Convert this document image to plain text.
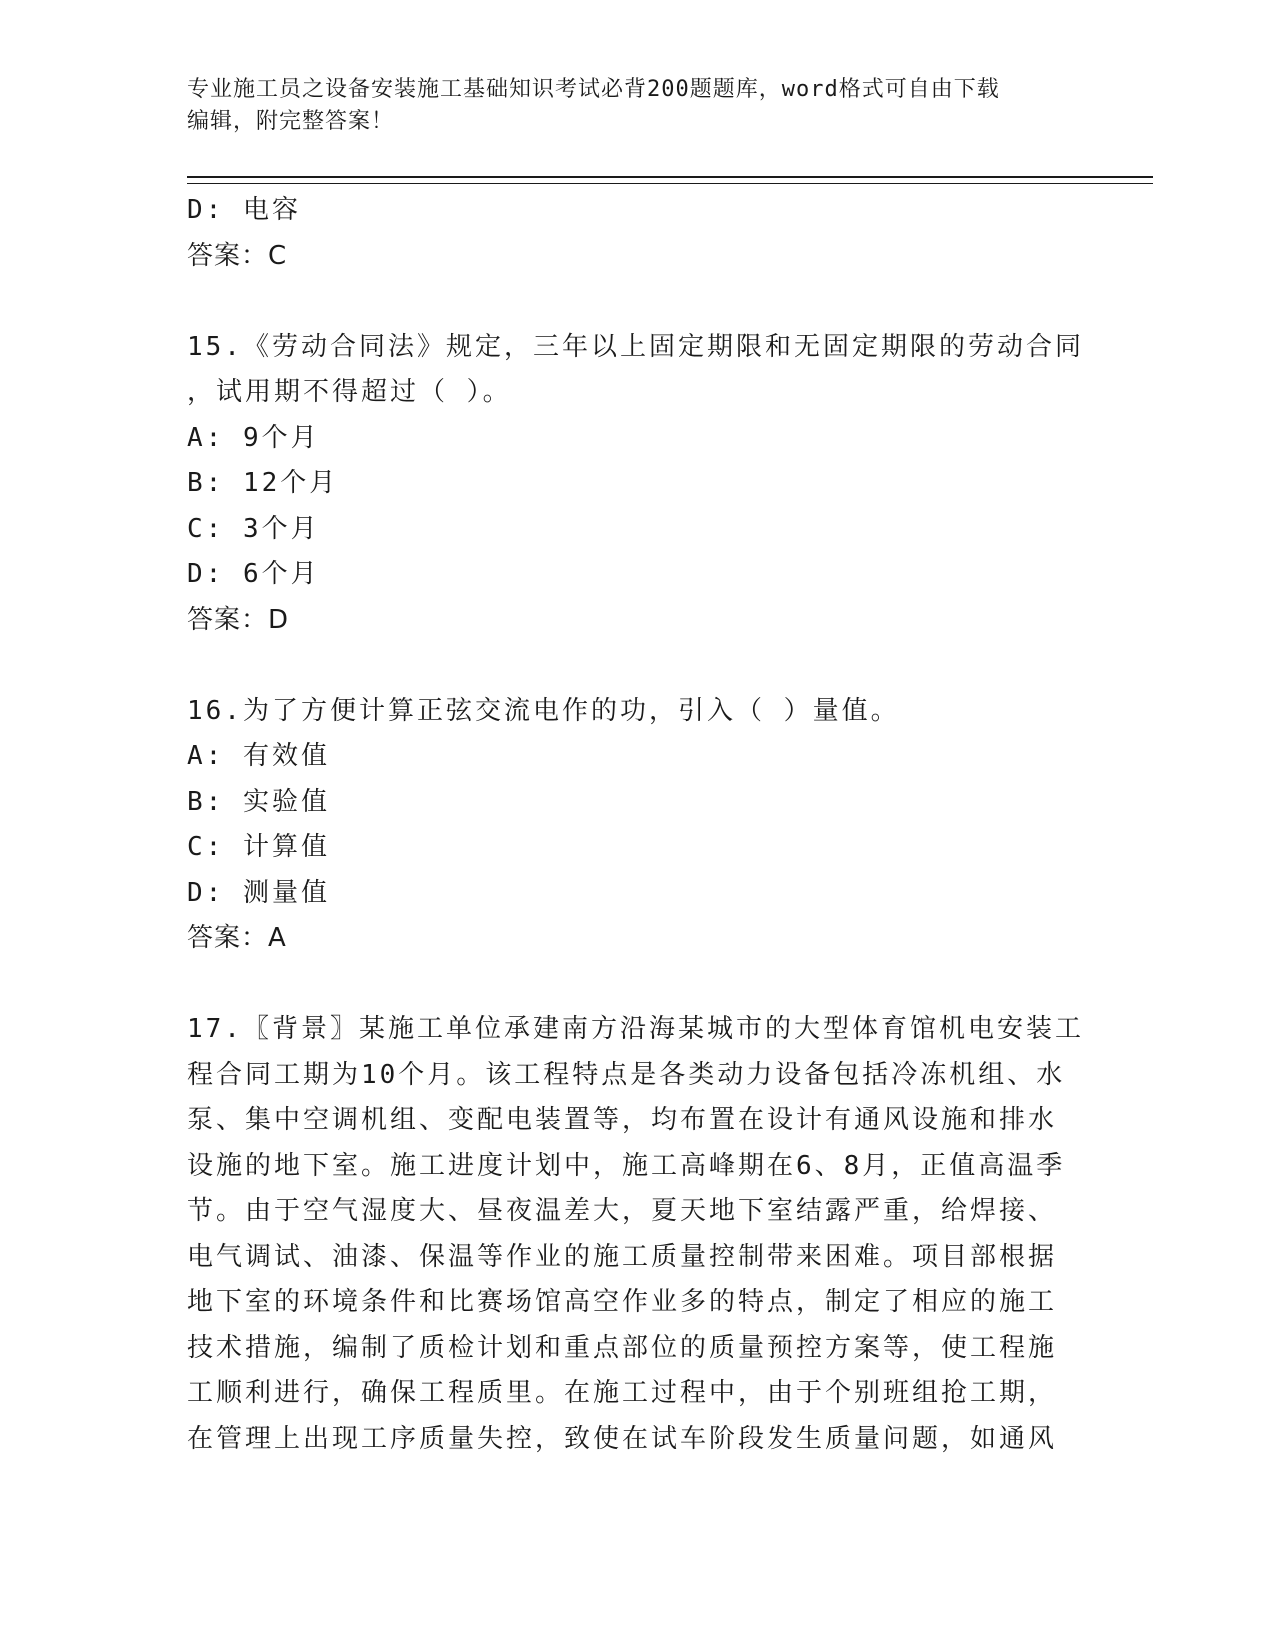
专业施工员之设备安装施工基础知识考试必背200题题库，word格式可自由下载
编辑，附完整答案！
D: 电容
答案：C
15.《劳动合同法》规定，三年以上固定期限和无固定期限的劳动合同
，试用期不得超过（ ）。
A: 9个月
B: 12个月
C: 3个月
D: 6个月
答案：D
16.为了方便计算正弦交流电作的功，引入（ ）量值。
A: 有效值
B: 实验值
C: 计算值
D: 测量值
答案：A
17.〖背景〗某施工单位承建南方沿海某城市的大型体育馆机电安装工
程合同工期为10个月。该工程特点是各类动力设备包括冷冻机组、水
泵、集中空调机组、变配电装置等，均布置在设计有通风设施和排水
设施的地下室。施工进度计划中，施工高峰期在6、8月，正值高温季
节。由于空气湿度大、昼夜温差大，夏天地下室结露严重，给焊接、
电气调试、油漆、保温等作业的施工质量控制带来困难。项目部根据
地下室的环境条件和比赛场馆高空作业多的特点，制定了相应的施工
技术措施，编制了质检计划和重点部位的质量预控方案等，使工程施
工顺利进行，确保工程质里。在施工过程中，由于个别班组抢工期，
在管理上出现工序质量失控，致使在试车阶段发生质量问题，如通风
